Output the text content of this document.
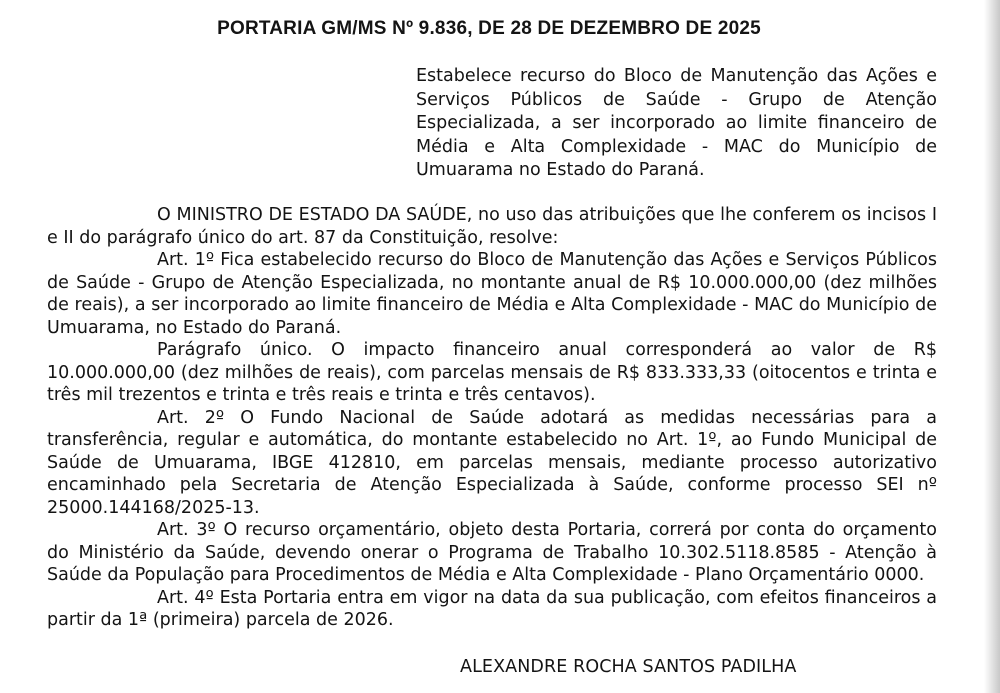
PORTARIA GM/MS Nº 9.836, DE 28 DE DEZEMBRO DE 2025

Estabelece recurso do Bloco de Manutenção das Ações e Serviços Públicos de Saúde - Grupo de Atenção Especializada, a ser incorporado ao limite financeiro de Média e Alta Complexidade - MAC do Município de Umuarama no Estado do Paraná.

O MINISTRO DE ESTADO DA SAÚDE, no uso das atribuições que lhe conferem os incisos I e II do parágrafo único do art. 87 da Constituição, resolve:

Art. 1º Fica estabelecido recurso do Bloco de Manutenção das Ações e Serviços Públicos de Saúde - Grupo de Atenção Especializada, no montante anual de R$ 10.000.000,00 (dez milhões de reais), a ser incorporado ao limite financeiro de Média e Alta Complexidade - MAC do Município de Umuarama, no Estado do Paraná.

Parágrafo único. O impacto financeiro anual corresponderá ao valor de R$ 10.000.000,00 (dez milhões de reais), com parcelas mensais de R$ 833.333,33 (oitocentos e trinta e três mil trezentos e trinta e três reais e trinta e três centavos).

Art. 2º O Fundo Nacional de Saúde adotará as medidas necessárias para a transferência, regular e automática, do montante estabelecido no Art. 1º, ao Fundo Municipal de Saúde de Umuarama, IBGE 412810, em parcelas mensais, mediante processo autorizativo encaminhado pela Secretaria de Atenção Especializada à Saúde, conforme processo SEI nº 25000.144168/2025-13.

Art. 3º O recurso orçamentário, objeto desta Portaria, correrá por conta do orçamento do Ministério da Saúde, devendo onerar o Programa de Trabalho 10.302.5118.8585 - Atenção à Saúde da População para Procedimentos de Média e Alta Complexidade - Plano Orçamentário 0000.

Art. 4º Esta Portaria entra em vigor na data da sua publicação, com efeitos financeiros a partir da 1ª (primeira) parcela de 2026.

ALEXANDRE ROCHA SANTOS PADILHA
